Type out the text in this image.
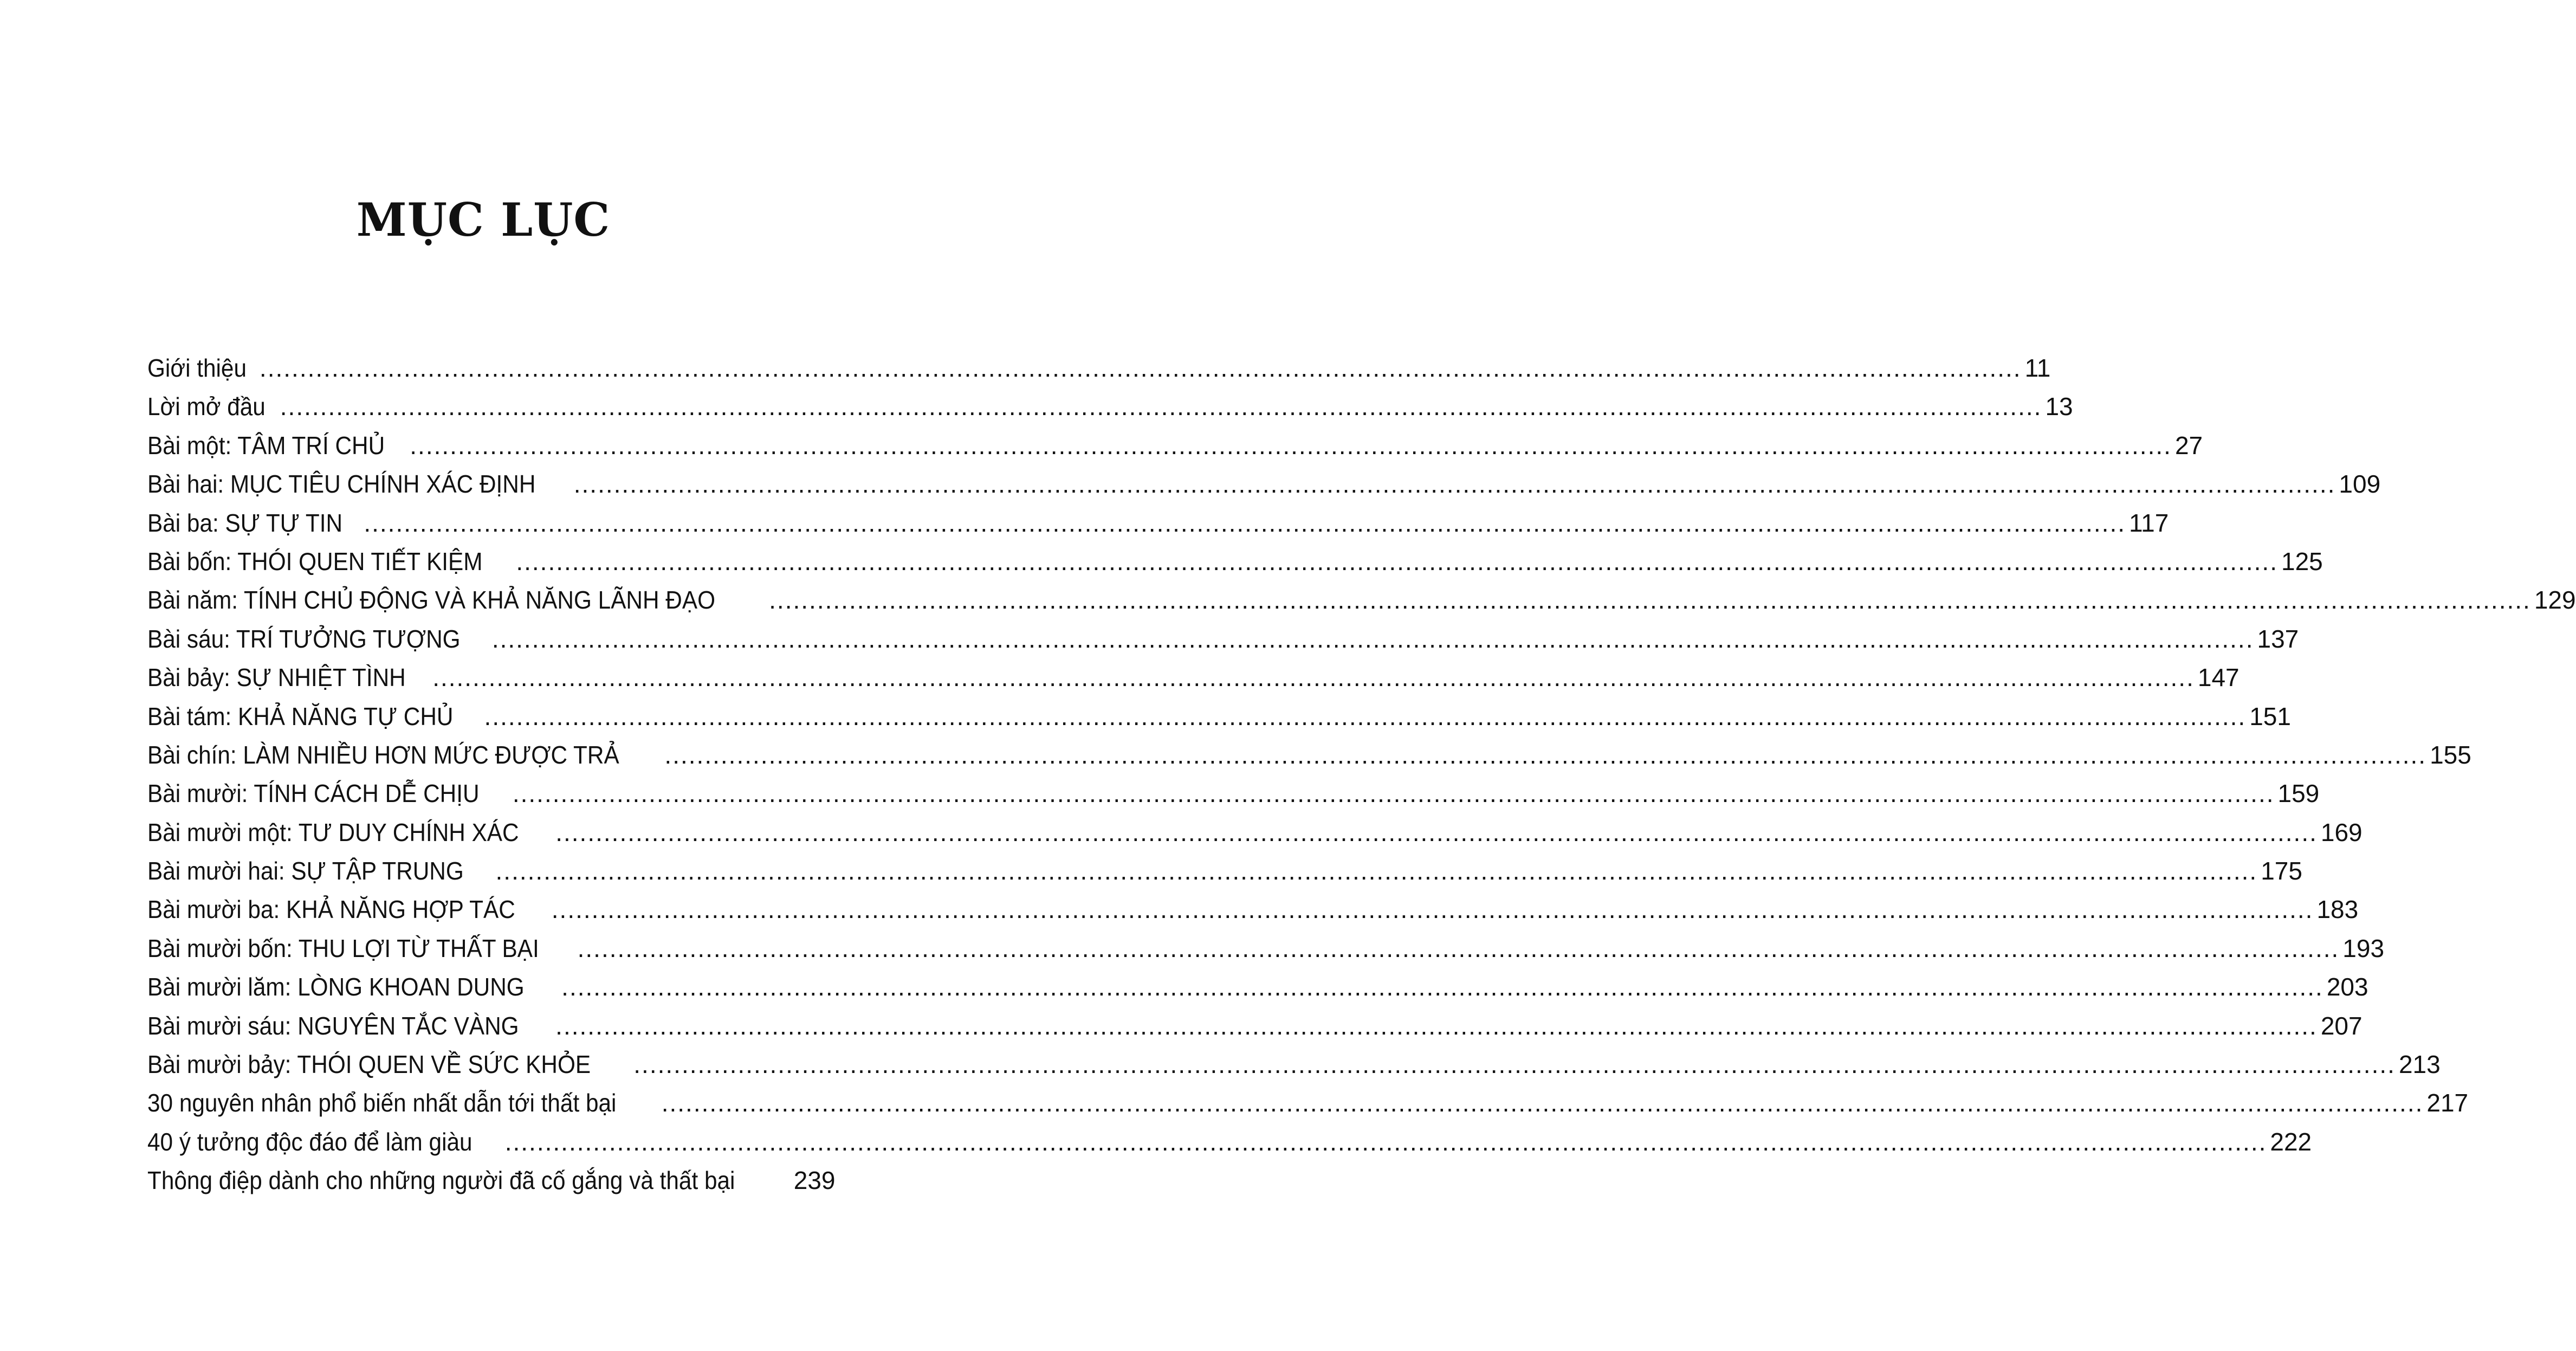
MỤC LỤC
Giới thiệu ............................................................................................................................................................................................................................ 11
Lời mở đầu ............................................................................................................................................................................................................................ 13
Bài một: TÂM TRÍ CHỦ ............................................................................................................................................................................................................................ 27
Bài hai: MỤC TIÊU CHÍNH XÁC ĐỊNH ............................................................................................................................................................................................................................ 109
Bài ba: SỰ TỰ TIN ............................................................................................................................................................................................................................ 117
Bài bốn: THÓI QUEN TIẾT KIỆM ............................................................................................................................................................................................................................ 125
Bài năm: TÍNH CHỦ ĐỘNG VÀ KHẢ NĂNG LÃNH ĐẠO ............................................................................................................................................................................................................................ 129
Bài sáu: TRÍ TƯỞNG TƯỢNG ............................................................................................................................................................................................................................ 137
Bài bảy: SỰ NHIỆT TÌNH ............................................................................................................................................................................................................................ 147
Bài tám: KHẢ NĂNG TỰ CHỦ ............................................................................................................................................................................................................................ 151
Bài chín: LÀM NHIỀU HƠN MỨC ĐƯỢC TRẢ ............................................................................................................................................................................................................................ 155
Bài mười: TÍNH CÁCH DỄ CHỊU ............................................................................................................................................................................................................................ 159
Bài mười một: TƯ DUY CHÍNH XÁC ............................................................................................................................................................................................................................ 169
Bài mười hai: SỰ TẬP TRUNG ............................................................................................................................................................................................................................ 175
Bài mười ba: KHẢ NĂNG HỢP TÁC ............................................................................................................................................................................................................................ 183
Bài mười bốn: THU LỢI TỪ THẤT BẠI ............................................................................................................................................................................................................................ 193
Bài mười lăm: LÒNG KHOAN DUNG ............................................................................................................................................................................................................................ 203
Bài mười sáu: NGUYÊN TẮC VÀNG ............................................................................................................................................................................................................................ 207
Bài mười bảy: THÓI QUEN VỀ SỨC KHỎE ............................................................................................................................................................................................................................ 213
30 nguyên nhân phổ biến nhất dẫn tới thất bại ............................................................................................................................................................................................................................ 217
40 ý tưởng độc đáo để làm giàu ............................................................................................................................................................................................................................ 222
Thông điệp dành cho những người đã cố gắng và thất bại 239
